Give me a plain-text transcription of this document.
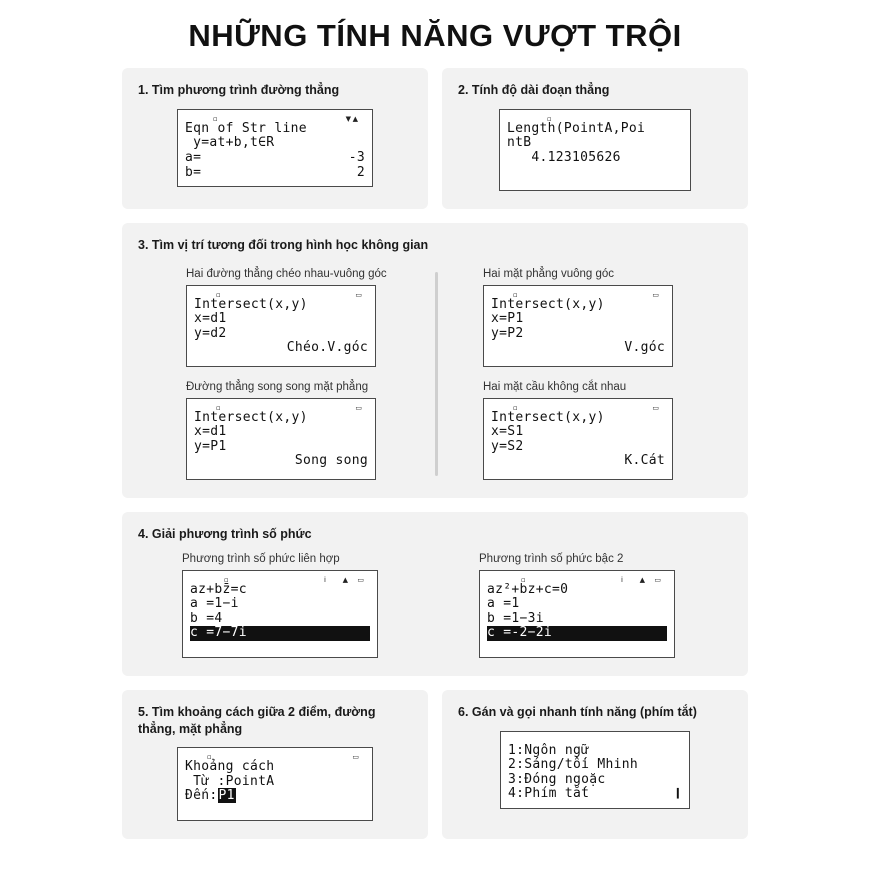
NHỮNG TÍNH NĂNG VƯỢT TRỘI
1. Tìm phương trình đường thẳng
▫	▼ ▲
Eqn of Str line
y=at+b,t∈R
a=	-3
b=	2
2. Tính độ dài đoạn thẳng
▫
Length(PointA,Poi
ntB
4.123105626
3. Tìm vị trí tương đối trong hình học không gian
Hai đường thẳng chéo nhau-vuông góc
▫	▭
Intersect(x,y)
x=d1
y=d2
Chéo.V.góc
Đường thẳng song song mặt phẳng
▫	▭
Intersect(x,y)
x=d1
y=P1
Song song
Hai mặt phẳng vuông góc
▫	▭
Intersect(x,y)
x=P1
y=P2
V.góc
Hai mặt cầu không cắt nhau
▫	▭
Intersect(x,y)
x=S1
y=S2
K.Cát
4. Giải phương trình số phức
Phương trình số phức liên hợp
▫	i ▲ ▭
az+bz̄=c
a =1−i
b =4
c =7−7i
Phương trình số phức bậc 2
▫	i ▲ ▭
az²+bz+c=0
a =1
b =1−3i
c =-2−2i
5. Tìm khoảng cách giữa 2 điểm, đường thẳng, mặt phẳng
▫	▭
Khoảng cách
Từ :PointA
Đến:P1
6. Gán và gọi nhanh tính năng (phím tắt)
1:Ngôn ngữ
2:Sáng/tối Mhinh
3:Đóng ngoặc
4:Phím tắt	❙
